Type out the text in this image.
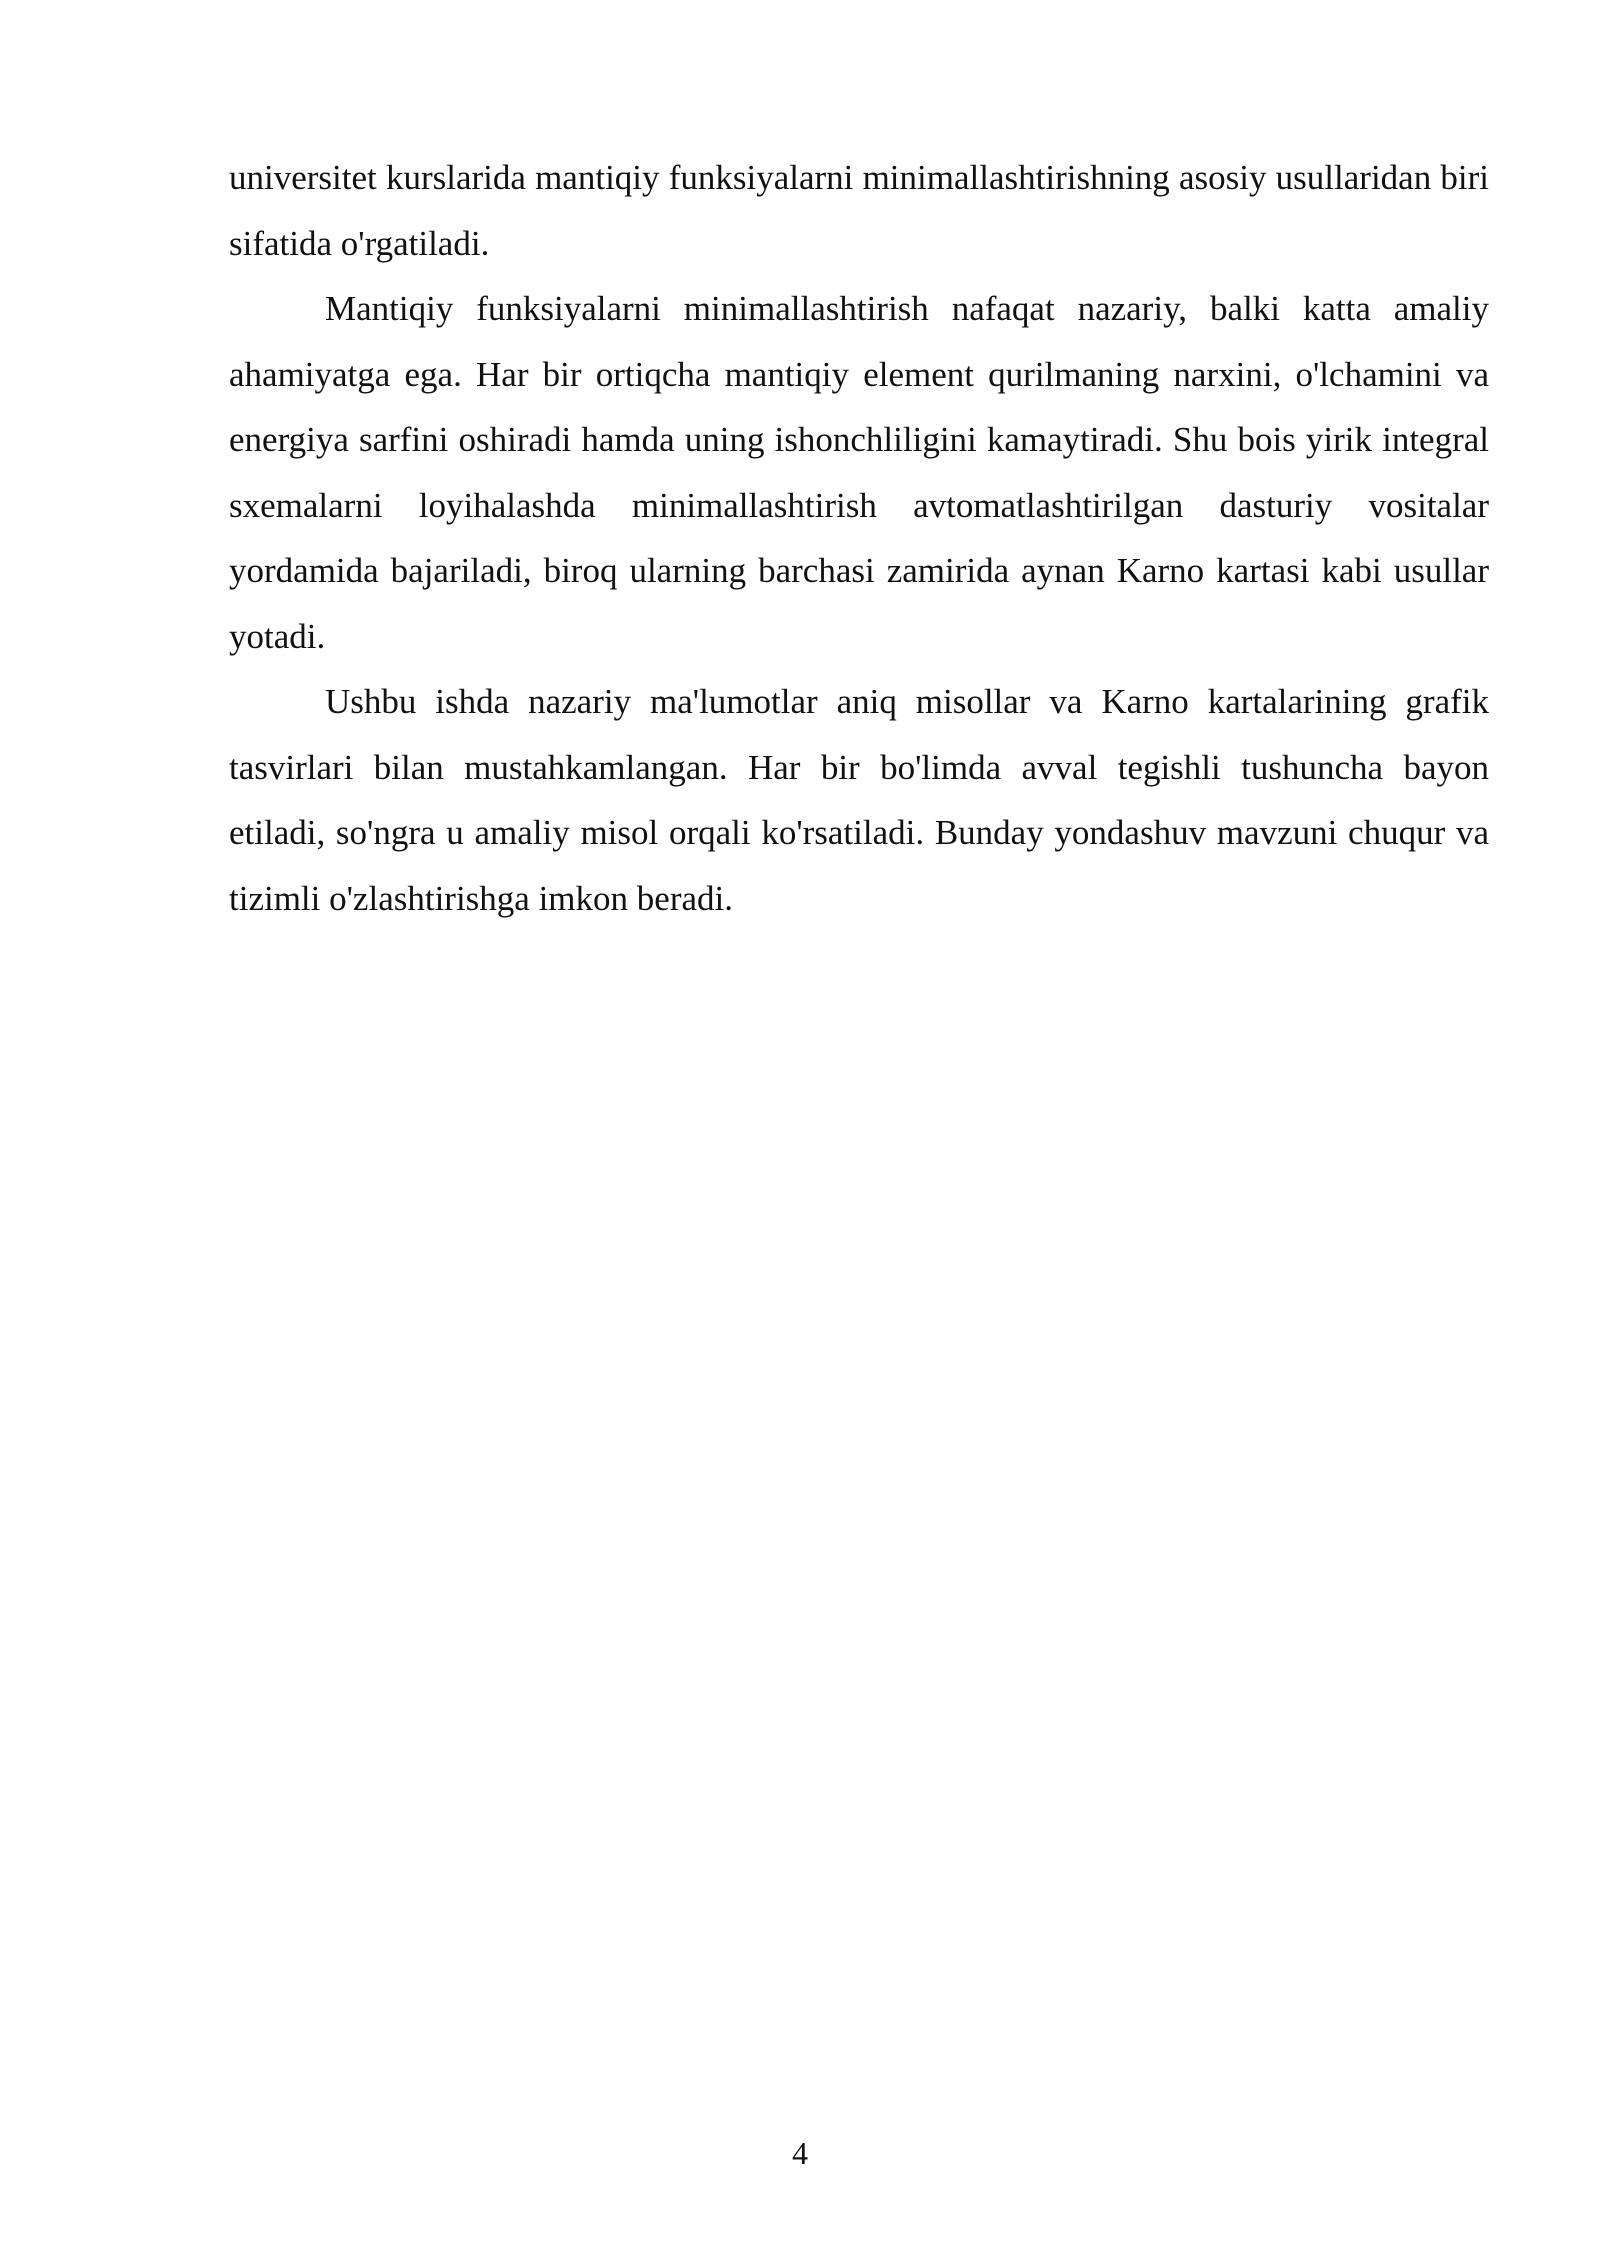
universitet kurslarida mantiqiy funksiyalarni minimallashtirishning asosiy usullaridan biri sifatida o'rgatiladi.

Mantiqiy funksiyalarni minimallashtirish nafaqat nazariy, balki katta amaliy ahamiyatga ega. Har bir ortiqcha mantiqiy element qurilmaning narxini, o'lchamini va energiya sarfini oshiradi hamda uning ishonchliligini kamaytiradi. Shu bois yirik integral sxemalarni loyihalashda minimallashtirish avtomatlashtirilgan dasturiy vositalar yordamida bajariladi, biroq ularning barchasi zamirida aynan Karno kartasi kabi usullar yotadi.

Ushbu ishda nazariy ma'lumotlar aniq misollar va Karno kartalarining grafik tasvirlari bilan mustahkamlangan. Har bir bo'limda avval tegishli tushuncha bayon etiladi, so'ngra u amaliy misol orqali ko'rsatiladi. Bunday yondashuv mavzuni chuqur va tizimli o'zlashtirishga imkon beradi.

4
